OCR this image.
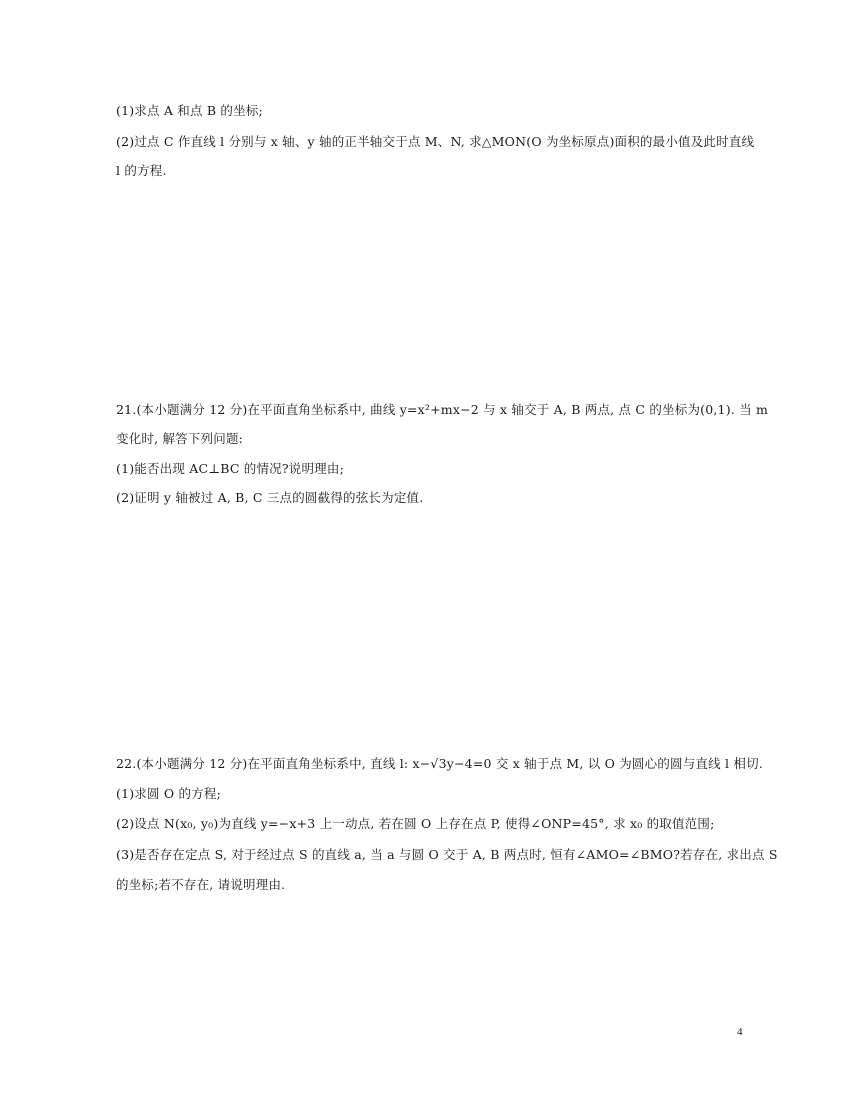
(1)求点 A 和点 B 的坐标;
(2)过点 C 作直线 l 分别与 x 轴、y 轴的正半轴交于点 M、N, 求△MON(O 为坐标原点)面积的最小值及此时直线
l 的方程.
21.(本小题满分 12 分)在平面直角坐标系中, 曲线 y=x²+mx−2 与 x 轴交于 A, B 两点, 点 C 的坐标为(0,1). 当 m
变化时, 解答下列问题:
(1)能否出现 AC⊥BC 的情况?说明理由;
(2)证明 y 轴被过 A, B, C 三点的圆截得的弦长为定值.
22.(本小题满分 12 分)在平面直角坐标系中, 直线 l: x−√3y−4=0 交 x 轴于点 M, 以 O 为圆心的圆与直线 l 相切.
(1)求圆 O 的方程;
(2)设点 N(x₀, y₀)为直线 y=−x+3 上一动点, 若在圆 O 上存在点 P, 使得∠ONP=45°, 求 x₀ 的取值范围;
(3)是否存在定点 S, 对于经过点 S 的直线 a, 当 a 与圆 O 交于 A, B 两点时, 恒有∠AMO=∠BMO?若存在, 求出点 S
的坐标;若不存在, 请说明理由.
4
